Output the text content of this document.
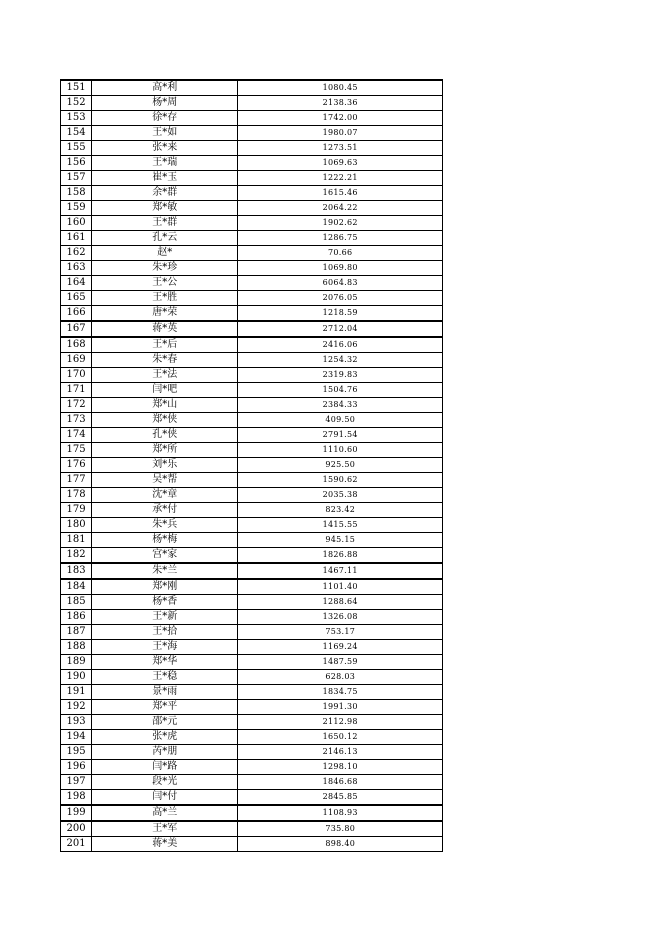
151	高*利	1080.45
152	杨*周	2138.36
153	徐*存	1742.00
154	王*如	1980.07
155	张*来	1273.51
156	王*瑞	1069.63
157	崔*玉	1222.21
158	余*群	1615.46
159	郑*敏	2064.22
160	王*群	1902.62
161	孔*云	1286.75
162	赵*	70.66
163	朱*珍	1069.80
164	王*公	6064.83
165	王*胜	2076.05
166	唐*荣	1218.59
167	蒋*英	2712.04
168	王*后	2416.06
169	朱*春	1254.32
170	王*法	2319.83
171	闫*吧	1504.76
172	郑*山	2384.33
173	郑*侠	409.50
174	孔*侠	2791.54
175	郑*所	1110.60
176	刘*乐	925.50
177	吴*帮	1590.62
178	沈*章	2035.38
179	承*付	823.42
180	朱*兵	1415.55
181	杨*梅	945.15
182	宫*家	1826.88
183	朱*兰	1467.11
184	郑*刚	1101.40
185	杨*香	1288.64
186	王*新	1326.08
187	王*拾	753.17
188	王*海	1169.24
189	郑*华	1487.59
190	王*稳	628.03
191	景*雨	1834.75
192	郑*平	1991.30
193	邵*元	2112.98
194	张*虎	1650.12
195	芮*朋	2146.13
196	闫*路	1298.10
197	段*光	1846.68
198	闫*付	2845.85
199	高*兰	1108.93
200	王*军	735.80
201	蒋*美	898.40
